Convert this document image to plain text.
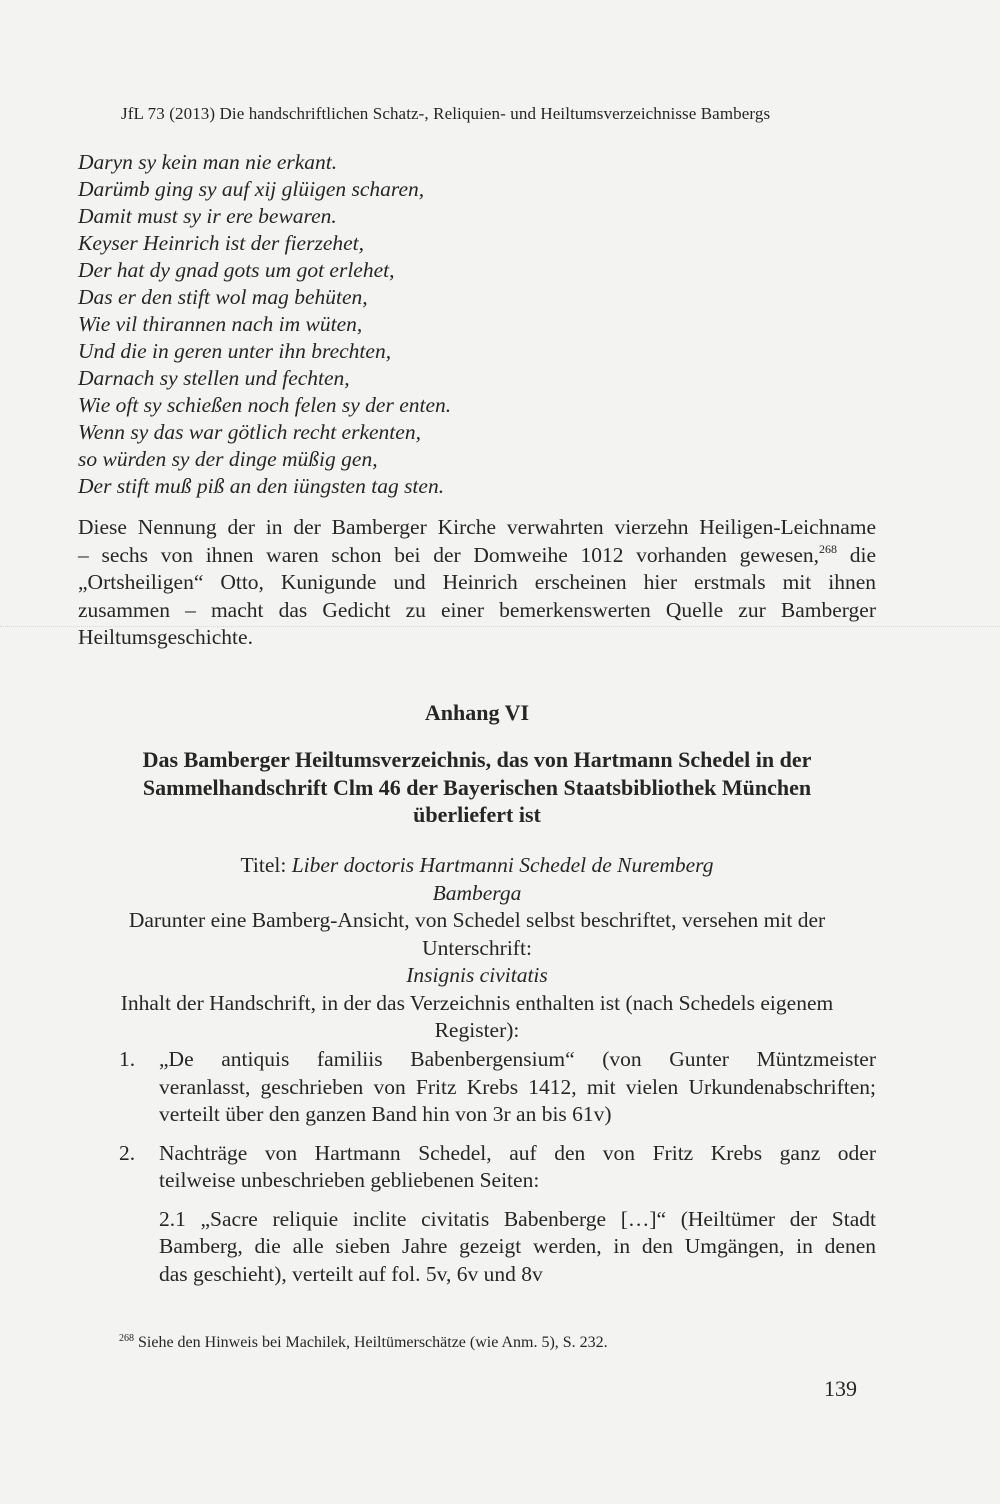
JfL 73 (2013) Die handschriftlichen Schatz-, Reliquien- und Heiltumsverzeichnisse Bambergs
Daryn sy kein man nie erkant.
Darümb ging sy auf xij glüigen scharen,
Damit must sy ir ere bewaren.
Keyser Heinrich ist der fierzehet,
Der hat dy gnad gots um got erlehet,
Das er den stift wol mag behüten,
Wie vil thirannen nach im wüten,
Und die in geren unter ihn brechten,
Darnach sy stellen und fechten,
Wie oft sy schießen noch felen sy der enten.
Wenn sy das war götlich recht erkenten,
so würden sy der dinge müßig gen,
Der stift muß piß an den iüngsten tag sten.
Diese Nennung der in der Bamberger Kirche verwahrten vierzehn Heiligen-Leichname
– sechs von ihnen waren schon bei der Domweihe 1012 vorhanden gewesen,$^{268}$ die
„Ortsheiligen“ Otto, Kunigunde und Heinrich erscheinen hier erstmals mit ihnen
zusammen – macht das Gedicht zu einer bemerkenswerten Quelle zur Bamberger
Heiltumsgeschichte.
Anhang VI
Das Bamberger Heiltumsverzeichnis, das von Hartmann Schedel in der
Sammelhandschrift Clm 46 der Bayerischen Staatsbibliothek München
überliefert ist
Titel: Liber doctoris Hartmanni Schedel de Nuremberg
Bamberga
Darunter eine Bamberg-Ansicht, von Schedel selbst beschriftet, versehen mit der
Unterschrift:
Insignis civitatis
Inhalt der Handschrift, in der das Verzeichnis enthalten ist (nach Schedels eigenem
Register):
1. „De antiquis familiis Babenbergensium“ (von Gunter Müntzmeister
veranlasst, geschrieben von Fritz Krebs 1412, mit vielen Urkundenabschriften;
verteilt über den ganzen Band hin von 3r an bis 61v)
2. Nachträge von Hartmann Schedel, auf den von Fritz Krebs ganz oder
teilweise unbeschrieben gebliebenen Seiten:
2.1 „Sacre reliquie inclite civitatis Babenberge […]“ (Heiltümer der Stadt
Bamberg, die alle sieben Jahre gezeigt werden, in den Umgängen, in denen
das geschieht), verteilt auf fol. 5v, 6v und 8v
$^{268}$ Siehe den Hinweis bei Machilek, Heiltümerschätze (wie Anm. 5), S. 232.
139
